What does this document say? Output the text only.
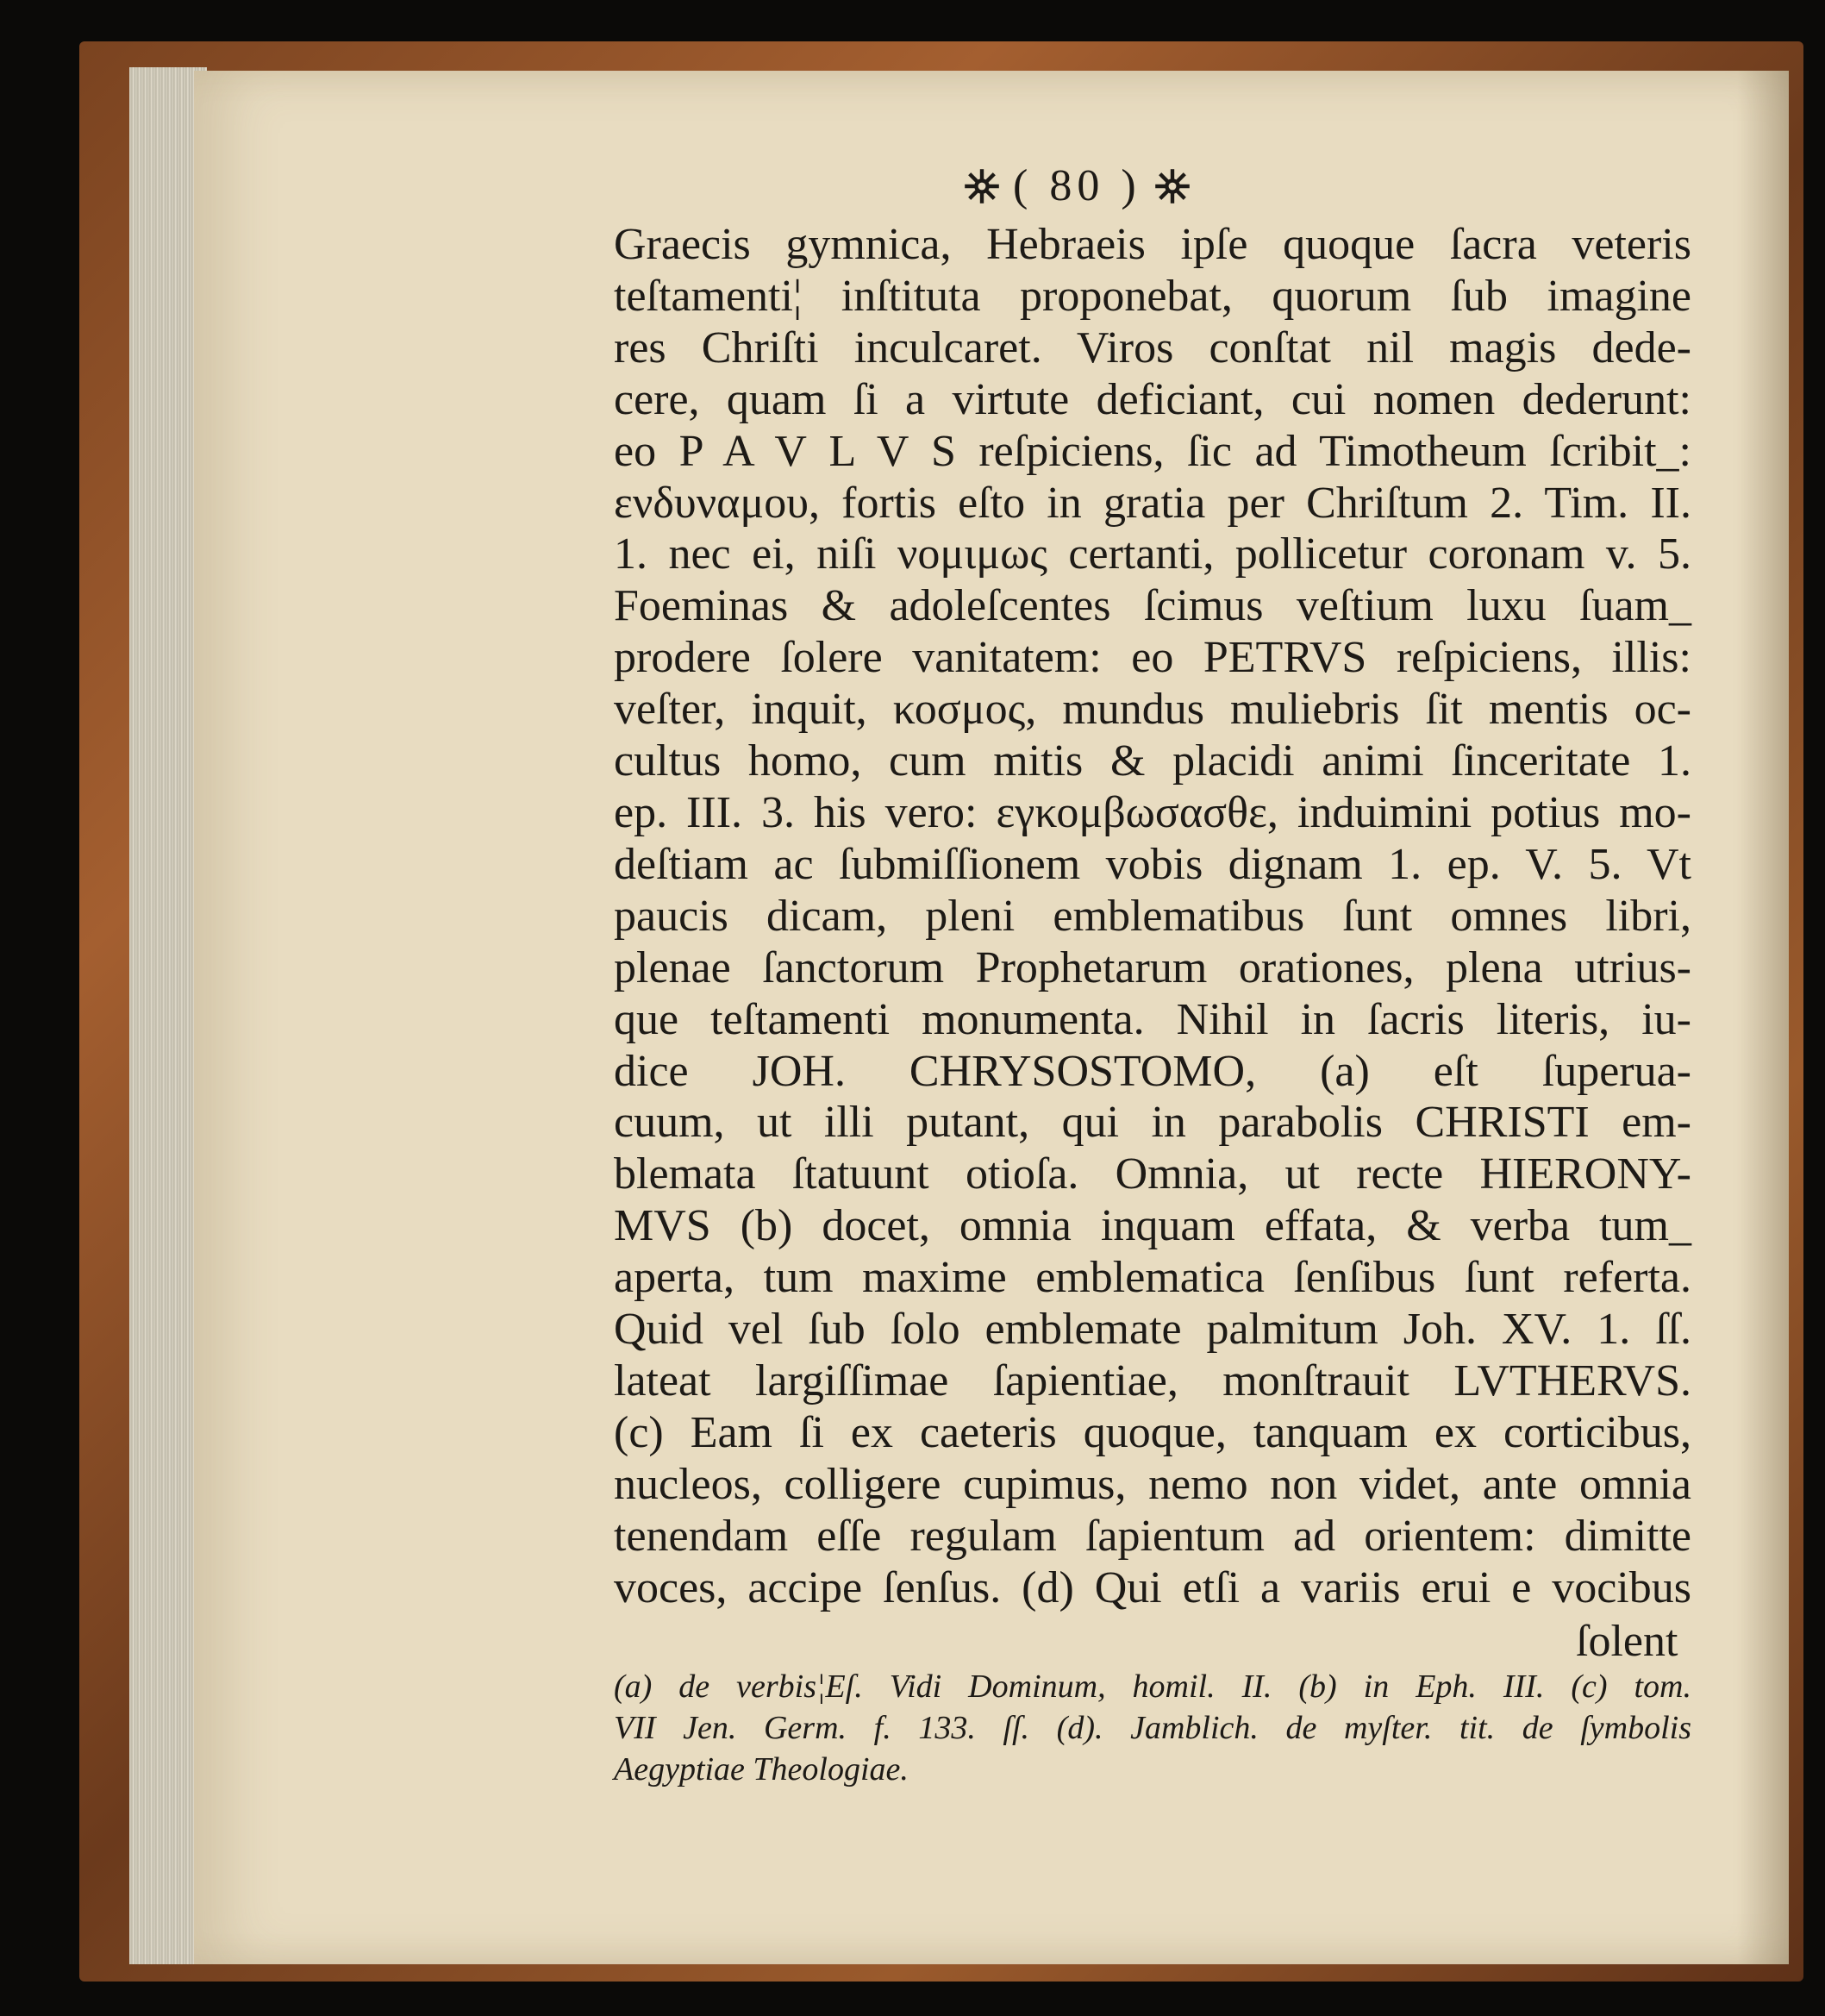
( 80 )
Graecis gymnica, Hebraeis ipſe quoque ſacra veteris
teſtamenti¦ inſtituta proponebat, quorum ſub imagine
res Chriſti inculcaret. Viros conſtat nil magis dede-
cere, quam ſi a virtute deficiant, cui nomen dederunt:
eo P A V L V S reſpiciens, ſic ad Timotheum ſcribit_:
ενδυναμου, fortis eſto in gratia per Chriſtum 2. Tim. II.
1. nec ei, niſi νομιμως certanti, pollicetur coronam v. 5.
Foeminas & adoleſcentes ſcimus veſtium luxu ſuam_
prodere ſolere vanitatem: eo PETRVS reſpiciens, illis:
veſter, inquit, κοσμος, mundus muliebris ſit mentis oc-
cultus homo, cum mitis & placidi animi ſinceritate 1.
ep. III. 3. his vero: εγκομβωσασθε, induimini potius mo-
deſtiam ac ſubmiſſionem vobis dignam 1. ep. V. 5. Vt
paucis dicam, pleni emblematibus ſunt omnes libri,
plenae ſanctorum Prophetarum orationes, plena utrius-
que teſtamenti monumenta. Nihil in ſacris literis, iu-
dice JOH. CHRYSOSTOMO, (a) eſt ſuperua-
cuum, ut illi putant, qui in parabolis CHRISTI em-
blemata ſtatuunt otioſa. Omnia, ut recte HIERONY-
MVS (b) docet, omnia inquam effata, & verba tum_
aperta, tum maxime emblematica ſenſibus ſunt referta.
Quid vel ſub ſolo emblemate palmitum Joh. XV. 1. ſſ.
lateat largiſſimae ſapientiae, monſtrauit LVTHERVS.
(c) Eam ſi ex caeteris quoque, tanquam ex corticibus,
nucleos, colligere cupimus, nemo non videt, ante omnia
tenendam eſſe regulam ſapientum ad orientem: dimitte
voces, accipe ſenſus. (d) Qui etſi a variis erui e vocibus
ſolent
(a) de verbis¦Eſ. Vidi Dominum, homil. II. (b) in Eph. III. (c) tom.
VII Jen. Germ. f. 133. ſſ. (d). Jamblich. de myſter. tit. de ſymbolis
Aegyptiae Theologiae.
